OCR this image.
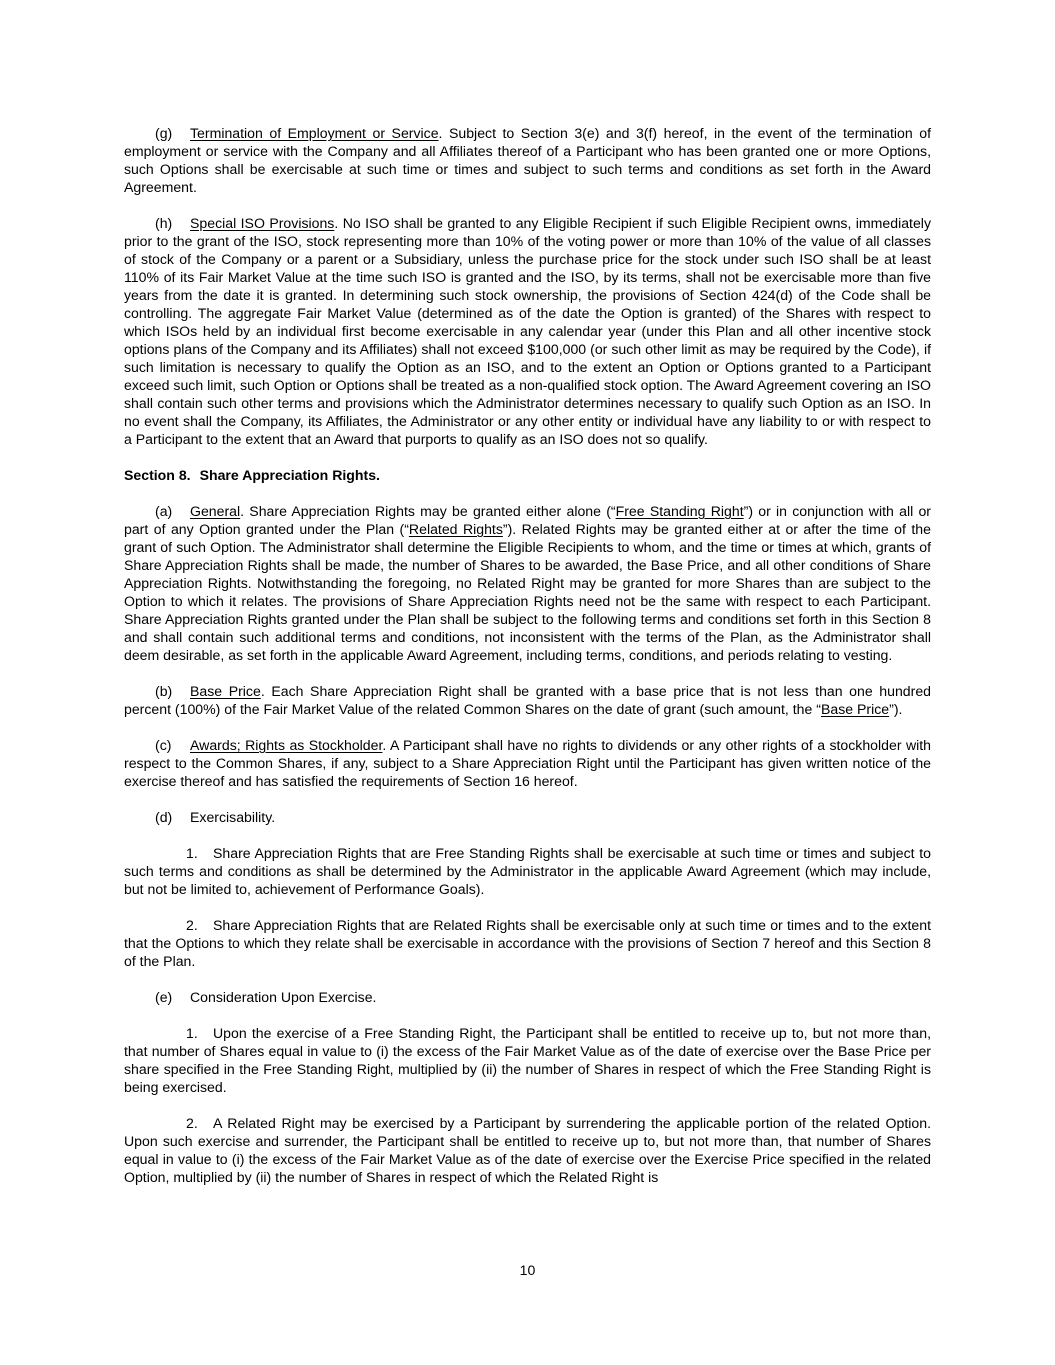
(g) Termination of Employment or Service. Subject to Section 3(e) and 3(f) hereof, in the event of the termination of employment or service with the Company and all Affiliates thereof of a Participant who has been granted one or more Options, such Options shall be exercisable at such time or times and subject to such terms and conditions as set forth in the Award Agreement.

(h) Special ISO Provisions. No ISO shall be granted to any Eligible Recipient if such Eligible Recipient owns, immediately prior to the grant of the ISO, stock representing more than 10% of the voting power or more than 10% of the value of all classes of stock of the Company or a parent or a Subsidiary, unless the purchase price for the stock under such ISO shall be at least 110% of its Fair Market Value at the time such ISO is granted and the ISO, by its terms, shall not be exercisable more than five years from the date it is granted. In determining such stock ownership, the provisions of Section 424(d) of the Code shall be controlling. The aggregate Fair Market Value (determined as of the date the Option is granted) of the Shares with respect to which ISOs held by an individual first become exercisable in any calendar year (under this Plan and all other incentive stock options plans of the Company and its Affiliates) shall not exceed $100,000 (or such other limit as may be required by the Code), if such limitation is necessary to qualify the Option as an ISO, and to the extent an Option or Options granted to a Participant exceed such limit, such Option or Options shall be treated as a non-qualified stock option. The Award Agreement covering an ISO shall contain such other terms and provisions which the Administrator determines necessary to qualify such Option as an ISO. In no event shall the Company, its Affiliates, the Administrator or any other entity or individual have any liability to or with respect to a Participant to the extent that an Award that purports to qualify as an ISO does not so qualify.

Section 8. Share Appreciation Rights.

(a) General. Share Appreciation Rights may be granted either alone (“Free Standing Right”) or in conjunction with all or part of any Option granted under the Plan (“Related Rights”). Related Rights may be granted either at or after the time of the grant of such Option. The Administrator shall determine the Eligible Recipients to whom, and the time or times at which, grants of Share Appreciation Rights shall be made, the number of Shares to be awarded, the Base Price, and all other conditions of Share Appreciation Rights. Notwithstanding the foregoing, no Related Right may be granted for more Shares than are subject to the Option to which it relates. The provisions of Share Appreciation Rights need not be the same with respect to each Participant. Share Appreciation Rights granted under the Plan shall be subject to the following terms and conditions set forth in this Section 8 and shall contain such additional terms and conditions, not inconsistent with the terms of the Plan, as the Administrator shall deem desirable, as set forth in the applicable Award Agreement, including terms, conditions, and periods relating to vesting.

(b) Base Price. Each Share Appreciation Right shall be granted with a base price that is not less than one hundred percent (100%) of the Fair Market Value of the related Common Shares on the date of grant (such amount, the “Base Price”).

(c) Awards; Rights as Stockholder. A Participant shall have no rights to dividends or any other rights of a stockholder with respect to the Common Shares, if any, subject to a Share Appreciation Right until the Participant has given written notice of the exercise thereof and has satisfied the requirements of Section 16 hereof.

(d) Exercisability.

1. Share Appreciation Rights that are Free Standing Rights shall be exercisable at such time or times and subject to such terms and conditions as shall be determined by the Administrator in the applicable Award Agreement (which may include, but not be limited to, achievement of Performance Goals).

2. Share Appreciation Rights that are Related Rights shall be exercisable only at such time or times and to the extent that the Options to which they relate shall be exercisable in accordance with the provisions of Section 7 hereof and this Section 8 of the Plan.

(e) Consideration Upon Exercise.

1. Upon the exercise of a Free Standing Right, the Participant shall be entitled to receive up to, but not more than, that number of Shares equal in value to (i) the excess of the Fair Market Value as of the date of exercise over the Base Price per share specified in the Free Standing Right, multiplied by (ii) the number of Shares in respect of which the Free Standing Right is being exercised.

2. A Related Right may be exercised by a Participant by surrendering the applicable portion of the related Option. Upon such exercise and surrender, the Participant shall be entitled to receive up to, but not more than, that number of Shares equal in value to (i) the excess of the Fair Market Value as of the date of exercise over the Exercise Price specified in the related Option, multiplied by (ii) the number of Shares in respect of which the Related Right is

10
